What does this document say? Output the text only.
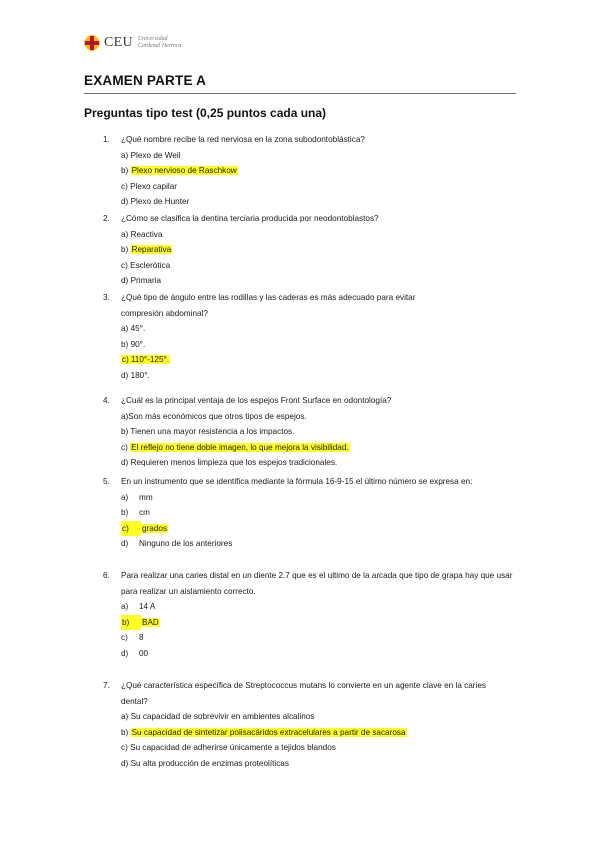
CEU Universidad
Cardenal Herrera
EXAMEN PARTE A
Preguntas tipo test (0,25 puntos cada una)
1. ¿Qué nombre recibe la red nerviosa en la zona subodontoblástica?
a) Plexo de Weil
b) Plexo nervioso de Raschkow
c) Plexo capilar
d) Plexo de Hunter
2. ¿Cómo se clasifica la dentina terciaria producida por neodontoblastos?
a) Reactiva
b) Reparativa
c) Esclerótica
d) Primaria
3. ¿Qué tipo de ángulo entre las rodillas y las caderas es más adecuado para evitar compresión abdominal?
a) 45°.
b) 90°.
c) 110°-125°.
d) 180°.
4. ¿Cuál es la principal ventaja de los espejos Front Surface en odontología?
a)Son más económicos que otros tipos de espejos.
b) Tienen una mayor resistencia a los impactos.
c) El reflejo no tiene doble imagen, lo que mejora la visibilidad.
d) Requieren menos limpieza que los espejos tradicionales.
5. En un instrumento que se identifica mediante la fórmula 16-9-15 el último número se expresa en:
a) mm
b) cm
c) grados
d) Ninguno de los anteriores
6. Para realizar una caries distal en un diente 2.7 que es el ultimo de la arcada que tipo de grapa hay que usar para realizar un aislamiento correcto.
a) 14 A
b) BAD
c) 8
d) 00
7. ¿Qué característica específica de Streptococcus mutans lo convierte en un agente clave en la caries dental?
a) Su capacidad de sobrevivir en ambientes alcalinos
b) Su capacidad de sintetizar polisacáridos extracelulares a partir de sacarosa
c) Su capacidad de adherirse únicamente a tejidos blandos
d) Su alta producción de enzimas proteolíticas
